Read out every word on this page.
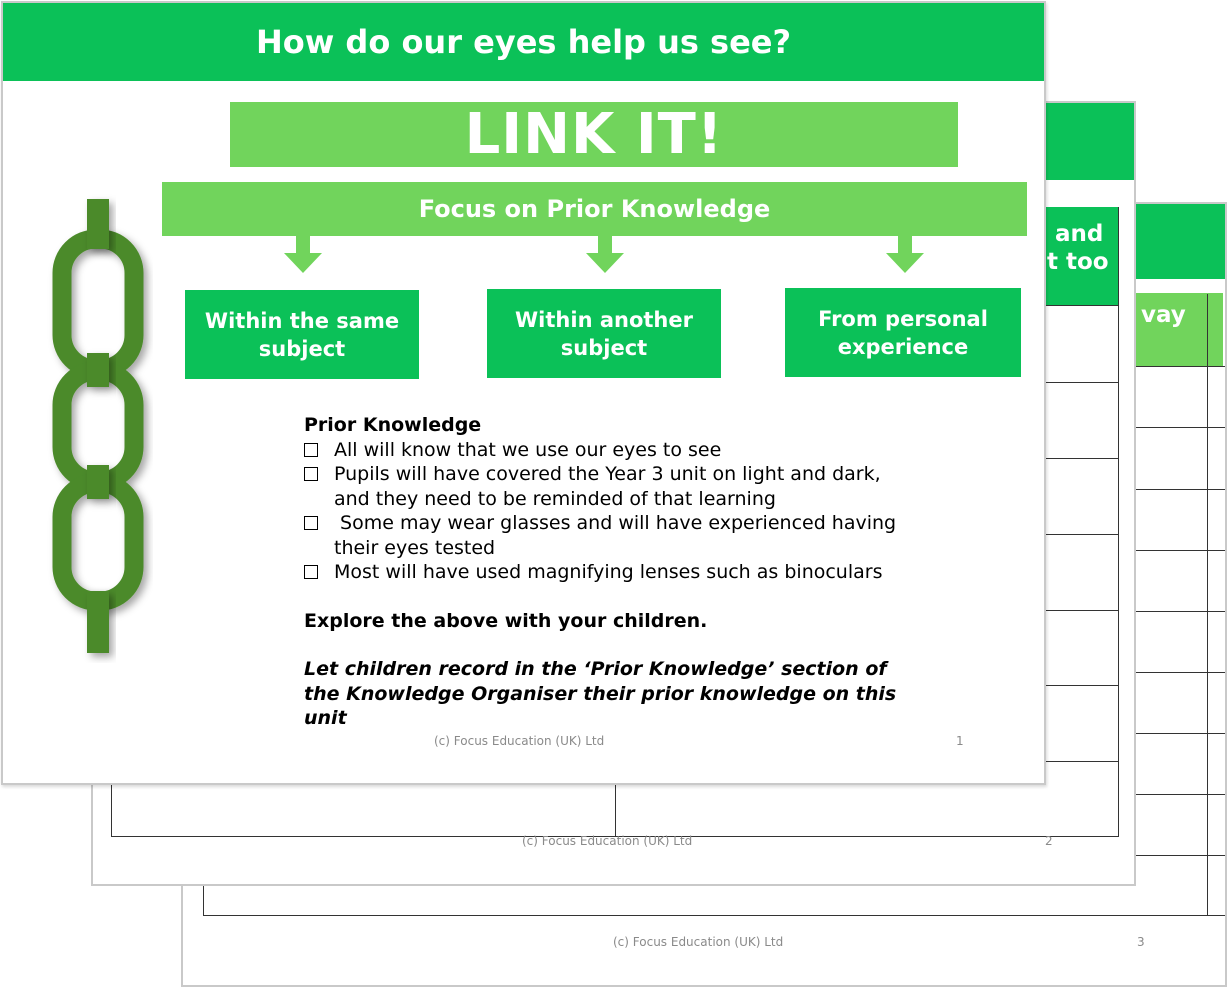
vay
(c) Focus Education (UK) Ltd	3
and
t too
(c) Focus Education (UK) Ltd	2
How do our eyes help us see?
LINK IT!
Focus on Prior Knowledge
Within the same
subject
Within another
subject
From personal
experience
Prior Knowledge
All will know that we use our eyes to see
Pupils will have covered the Year 3 unit on light and dark, and they need to be reminded of that learning
Some may wear glasses and will have experienced having their eyes tested
Most will have used magnifying lenses such as binoculars
Explore the above with your children.
Let children record in the ‘Prior Knowledge’ section of the Knowledge Organiser their prior knowledge on this unit
(c) Focus Education (UK) Ltd	1
